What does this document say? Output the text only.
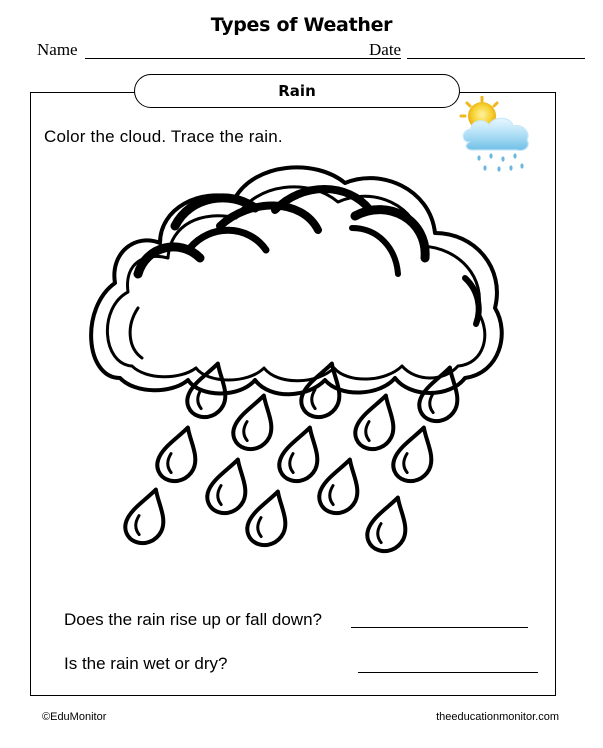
Types of Weather
Name	Date
Rain
Color the cloud. Trace the rain.
Does the rain rise up or fall down?
Is the rain wet or dry?
©EduMonitor	theeducationmonitor.com
